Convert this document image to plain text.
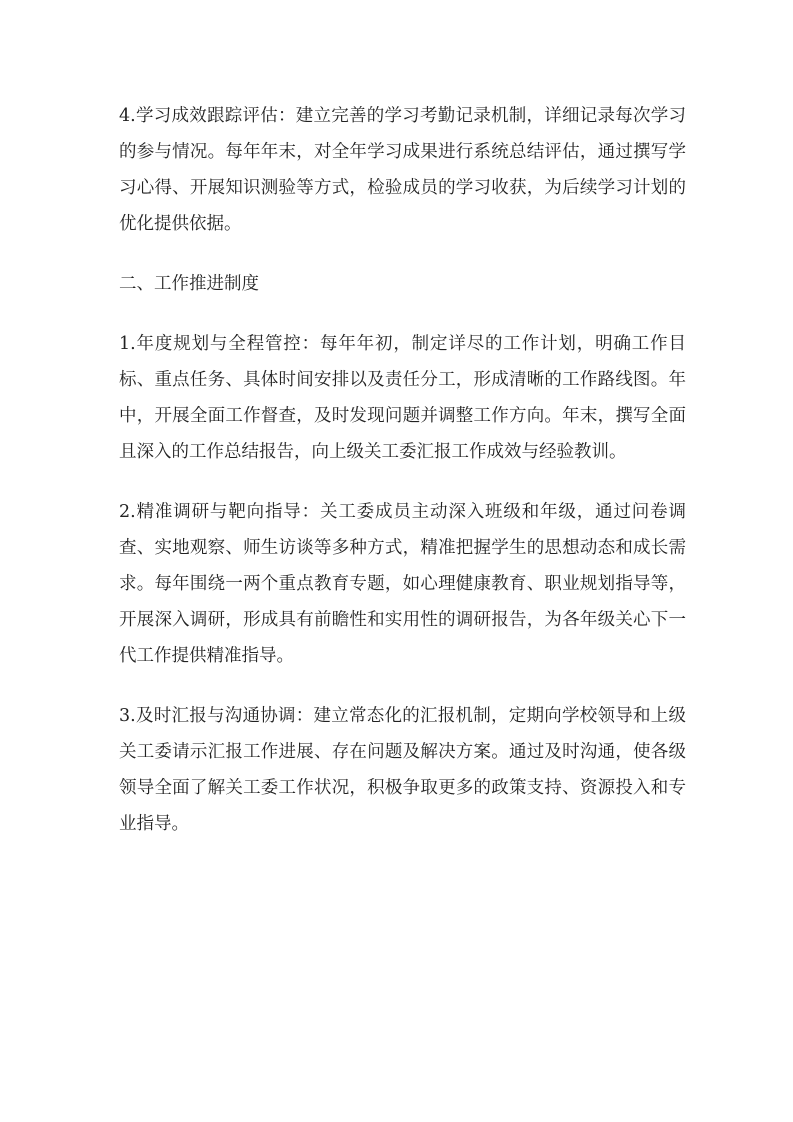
4.学习成效跟踪评估：建立完善的学习考勤记录机制，详细记录每次学习的参与情况。每年年末，对全年学习成果进行系统总结评估，通过撰写学习心得、开展知识测验等方式，检验成员的学习收获，为后续学习计划的优化提供依据。

二、工作推进制度

1.年度规划与全程管控：每年年初，制定详尽的工作计划，明确工作目标、重点任务、具体时间安排以及责任分工，形成清晰的工作路线图。年中，开展全面工作督查，及时发现问题并调整工作方向。年末，撰写全面且深入的工作总结报告，向上级关工委汇报工作成效与经验教训。

2.精准调研与靶向指导：关工委成员主动深入班级和年级，通过问卷调查、实地观察、师生访谈等多种方式，精准把握学生的思想动态和成长需求。每年围绕一两个重点教育专题，如心理健康教育、职业规划指导等，开展深入调研，形成具有前瞻性和实用性的调研报告，为各年级关心下一代工作提供精准指导。

3.及时汇报与沟通协调：建立常态化的汇报机制，定期向学校领导和上级关工委请示汇报工作进展、存在问题及解决方案。通过及时沟通，使各级领导全面了解关工委工作状况，积极争取更多的政策支持、资源投入和专业指导。
